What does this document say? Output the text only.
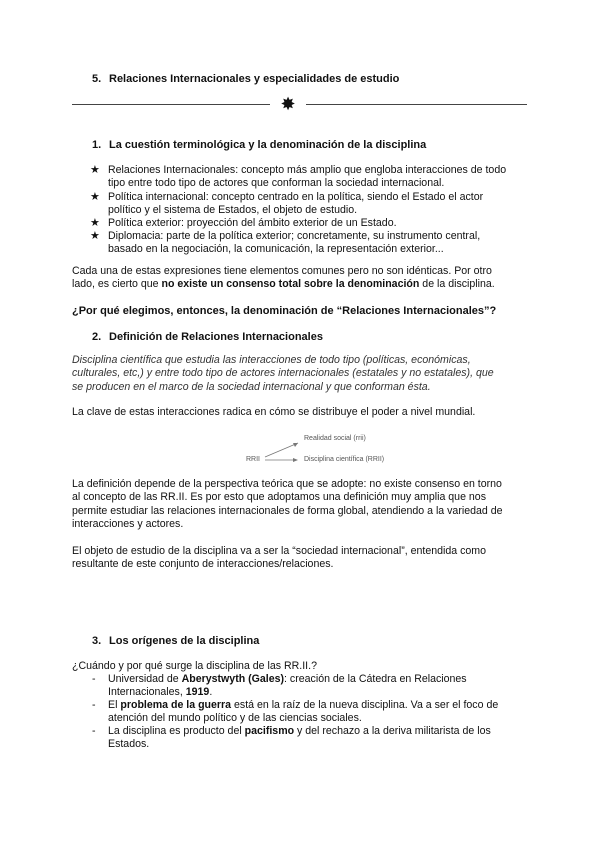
5. Relaciones Internacionales y especialidades de estudio
✸
1. La cuestión terminológica y la denominación de la disciplina
★ Relaciones Internacionales: concepto más amplio que engloba interacciones de todo
tipo entre todo tipo de actores que conforman la sociedad internacional.
★ Política internacional: concepto centrado en la política, siendo el Estado el actor
político y el sistema de Estados, el objeto de estudio.
★ Política exterior: proyección del ámbito exterior de un Estado.
★ Diplomacia: parte de la política exterior; concretamente, su instrumento central,
basado en la negociación, la comunicación, la representación exterior...
Cada una de estas expresiones tiene elementos comunes pero no son idénticas. Por otro
lado, es cierto que no existe un consenso total sobre la denominación de la disciplina.
¿Por qué elegimos, entonces, la denominación de “Relaciones Internacionales”?
2. Definición de Relaciones Internacionales
Disciplina científica que estudia las interacciones de todo tipo (políticas, económicas,
culturales, etc,) y entre todo tipo de actores internacionales (estatales y no estatales), que
se producen en el marco de la sociedad internacional y que conforman ésta.
La clave de estas interacciones radica en cómo se distribuye el poder a nivel mundial.
RRII
Realidad social (rrii)
Disciplina científica (RRII)
La definición depende de la perspectiva teórica que se adopte: no existe consenso en torno
al concepto de las RR.II. Es por esto que adoptamos una definición muy amplia que nos
permite estudiar las relaciones internacionales de forma global, atendiendo a la variedad de
interacciones y actores.
El objeto de estudio de la disciplina va a ser la “sociedad internacional”, entendida como
resultante de este conjunto de interacciones/relaciones.
3. Los orígenes de la disciplina
¿Cuándo y por qué surge la disciplina de las RR.II.?
-	Universidad de Aberystwyth (Gales): creación de la Cátedra en Relaciones
Internacionales, 1919.
-	El problema de la guerra está en la raíz de la nueva disciplina. Va a ser el foco de
atención del mundo político y de las ciencias sociales.
-	La disciplina es producto del pacifismo y del rechazo a la deriva militarista de los
Estados.
